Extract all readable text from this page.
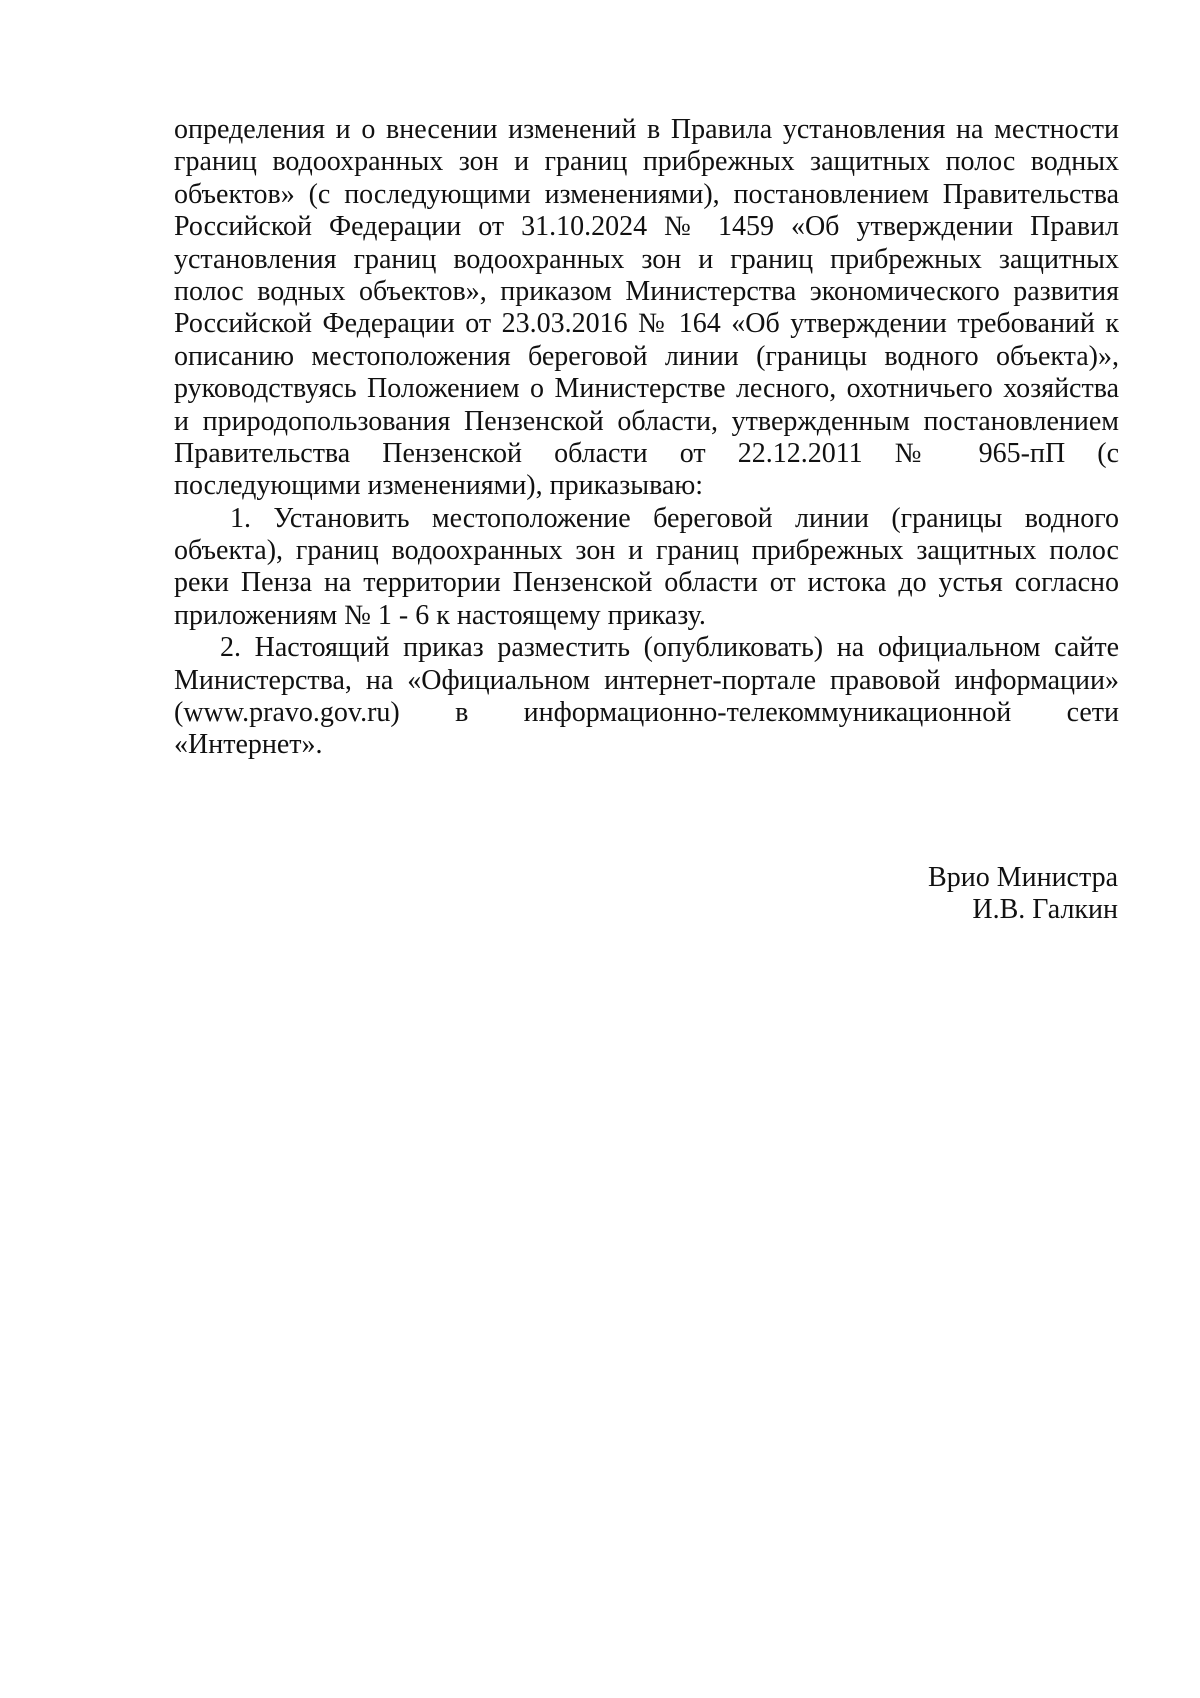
определения и о внесении изменений в Правила установления на местности
границ водоохранных зон и границ прибрежных защитных полос водных
объектов» (с последующими изменениями), постановлением Правительства
Российской Федерации от 31.10.2024 № 1459 «Об утверждении Правил
установления границ водоохранных зон и границ прибрежных защитных
полос водных объектов», приказом Министерства экономического развития
Российской Федерации от 23.03.2016 № 164 «Об утверждении требований к
описанию местоположения береговой линии (границы водного объекта)»,
руководствуясь Положением о Министерстве лесного, охотничьего хозяйства
и природопользования Пензенской области, утвержденным постановлением
Правительства Пензенской области от 22.12.2011 № 965-пП (с
последующими изменениями), приказываю:
1. Установить местоположение береговой линии (границы водного
объекта), границ водоохранных зон и границ прибрежных защитных полос
реки Пенза на территории Пензенской области от истока до устья согласно
приложениям № 1 - 6 к настоящему приказу.
2. Настоящий приказ разместить (опубликовать) на официальном сайте
Министерства, на «Официальном интернет-портале правовой информации»
(www.pravo.gov.ru) в информационно-телекоммуникационной сети
«Интернет».
Врио Министра
И.В. Галкин
